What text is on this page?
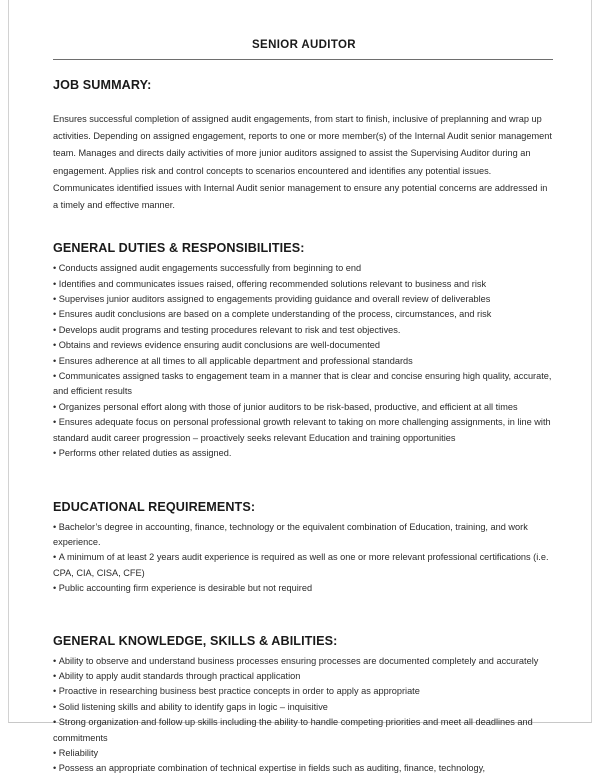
SENIOR AUDITOR
JOB SUMMARY:
Ensures successful completion of assigned audit engagements, from start to finish, inclusive of preplanning and wrap up activities. Depending on assigned engagement, reports to one or more member(s) of the Internal Audit senior management team. Manages and directs daily activities of more junior auditors assigned to assist the Supervising Auditor during an engagement. Applies risk and control concepts to scenarios encountered and identifies any potential issues. Communicates identified issues with Internal Audit senior management to ensure any potential concerns are addressed in a timely and effective manner.
GENERAL DUTIES & RESPONSIBILITIES:
• Conducts assigned audit engagements successfully from beginning to end
• Identifies and communicates issues raised, offering recommended solutions relevant to business and risk
• Supervises junior auditors assigned to engagements providing guidance and overall review of deliverables
• Ensures audit conclusions are based on a complete understanding of the process, circumstances, and risk
• Develops audit programs and testing procedures relevant to risk and test objectives.
• Obtains and reviews evidence ensuring audit conclusions are well-documented
• Ensures adherence at all times to all applicable department and professional standards
• Communicates assigned tasks to engagement team in a manner that is clear and concise ensuring high quality, accurate, and efficient results
• Organizes personal effort along with those of junior auditors to be risk-based, productive, and efficient at all times
• Ensures adequate focus on personal professional growth relevant to taking on more challenging assignments, in line with standard audit career progression – proactively seeks relevant Education and training opportunities
• Performs other related duties as assigned.
EDUCATIONAL REQUIREMENTS:
• Bachelor’s degree in accounting, finance, technology or the equivalent combination of Education, training, and work experience.
• A minimum of at least 2 years audit experience is required as well as one or more relevant professional certifications (i.e. CPA, CIA, CISA, CFE)
• Public accounting firm experience is desirable but not required
GENERAL KNOWLEDGE, SKILLS & ABILITIES:
• Ability to observe and understand business processes ensuring processes are documented completely and accurately
• Ability to apply audit standards through practical application
• Proactive in researching business best practice concepts in order to apply as appropriate
• Solid listening skills and ability to identify gaps in logic – inquisitive
• Strong organization and follow up skills including the ability to handle competing priorities and meet all deadlines and commitments
• Reliability
• Possess an appropriate combination of technical expertise in fields such as auditing, finance, technology,
